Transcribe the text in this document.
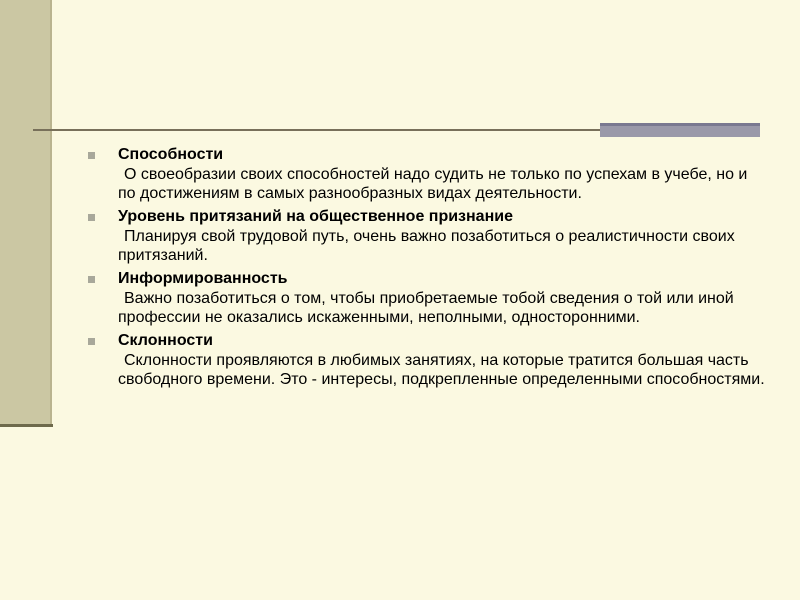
Способности

О своеобразии своих способностей надо судить не только по успехам в учебе, но и по достижениям в самых разнообразных видах деятельности.

Уровень притязаний на общественное признание

Планируя свой трудовой путь, очень важно позаботиться о реалистичности своих притязаний.

Информированность

Важно позаботиться о том, чтобы приобретаемые тобой сведения о той или иной профессии не оказались искаженными, неполными, односторонними.

Склонности

Склонности проявляются в любимых занятиях, на которые тратится большая часть свободного времени. Это - интересы, подкрепленные определенными способностями.
